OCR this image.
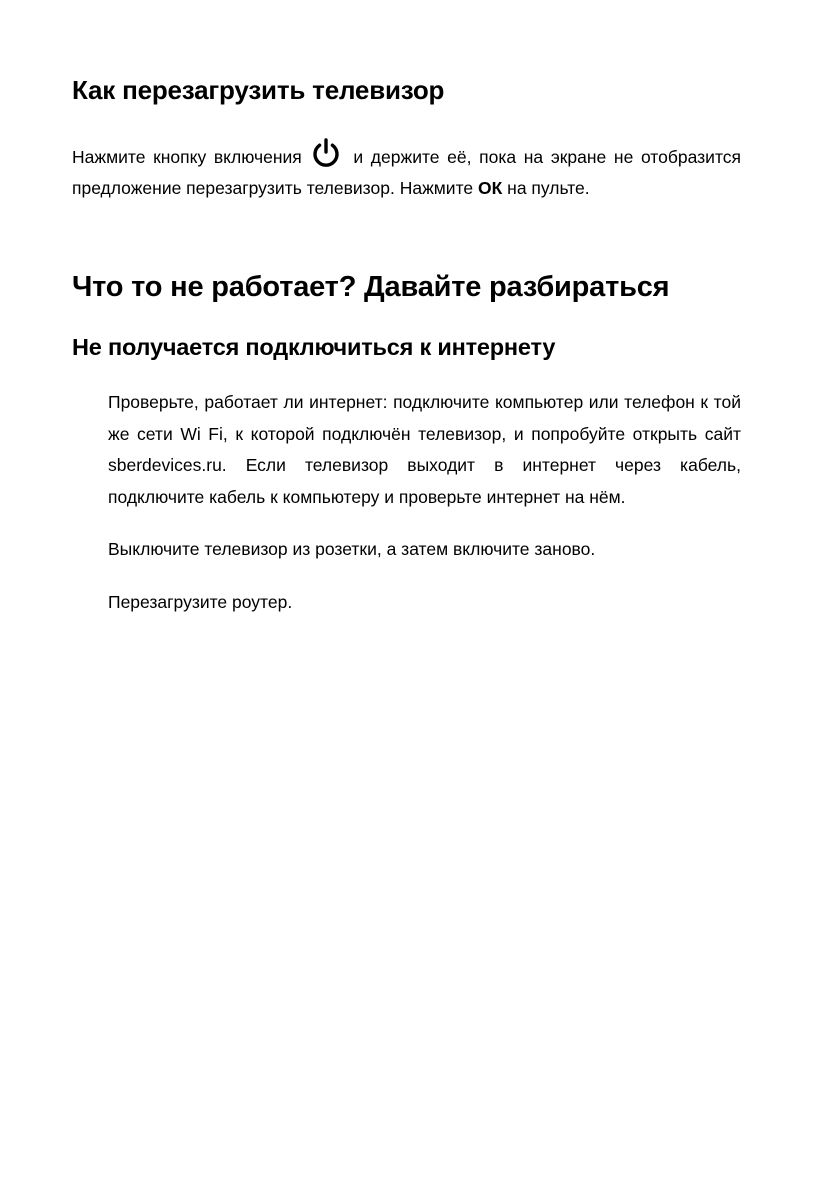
Как перезагрузить телевизор

Нажмите кнопку включения	и держите её, пока на экране не отобразится предложение перезагрузить телевизор. Нажмите ОК на пульте.

Что то не работает? Давайте разбираться
Не получается подключиться к интернету
Проверьте, работает ли интернет: подключите компьютер или телефон к той же сети Wi Fi, к которой подключён телевизор, и попробуйте открыть сайт sberdevices.ru. Если телевизор выходит в интернет через кабель, подключите кабель к компьютеру и проверьте интернет на нём.
Выключите телевизор из розетки, а затем включите заново.
Перезагрузите роутер.
